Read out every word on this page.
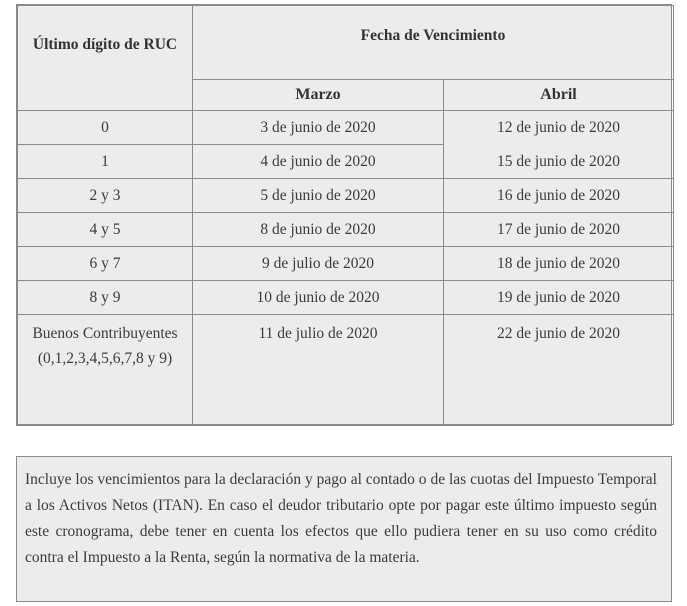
Último dígito de RUC	Fecha de Vencimiento	
	Marzo	Abril
0	3 de junio de 2020	12 de junio de 2020
1	4 de junio de 2020	15 de junio de 2020
2 y 3	5 de junio de 2020	16 de junio de 2020
4 y 5	8 de junio de 2020	17 de junio de 2020
6 y 7	9 de julio de 2020	18 de junio de 2020
8 y 9	10 de junio de 2020	19 de junio de 2020
Buenos Contribuyentes (0,1,2,3,4,5,6,7,8 y 9)	11 de julio de 2020	22 de junio de 2020
Incluye los vencimientos para la declaración y pago al contado o de las cuotas del Impuesto Temporal a los Activos Netos (ITAN). En caso el deudor tributario opte por pagar este último impuesto según este cronograma, debe tener en cuenta los efectos que ello pudiera tener en su uso como crédito contra el Impuesto a la Renta, según la normativa de la materia.
